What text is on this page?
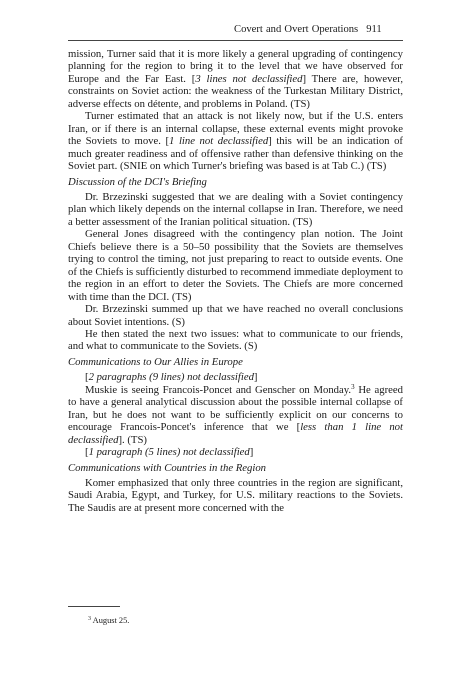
Covert and Overt Operations 911

mission, Turner said that it is more likely a general upgrading of contingency planning for the region to bring it to the level that we have observed for Europe and the Far East. [3 lines not declassified] There are, however, constraints on Soviet action: the weakness of the Turkestan Military District, adverse effects on détente, and problems in Poland. (TS)

Turner estimated that an attack is not likely now, but if the U.S. enters Iran, or if there is an internal collapse, these external events might provoke the Soviets to move. [1 line not declassified] this will be an indication of much greater readiness and of offensive rather than defensive thinking on the Soviet part. (SNIE on which Turner's briefing was based is at Tab C.) (TS)

Discussion of the DCI's Briefing

Dr. Brzezinski suggested that we are dealing with a Soviet contingency plan which likely depends on the internal collapse in Iran. Therefore, we need a better assessment of the Iranian political situation. (TS)

General Jones disagreed with the contingency plan notion. The Joint Chiefs believe there is a 50–50 possibility that the Soviets are themselves trying to control the timing, not just preparing to react to outside events. One of the Chiefs is sufficiently disturbed to recommend immediate deployment to the region in an effort to deter the Soviets. The Chiefs are more concerned with time than the DCI. (TS)

Dr. Brzezinski summed up that we have reached no overall conclusions about Soviet intentions. (S)

He then stated the next two issues: what to communicate to our friends, and what to communicate to the Soviets. (S)

Communications to Our Allies in Europe

[2 paragraphs (9 lines) not declassified]

Muskie is seeing Francois-Poncet and Genscher on Monday.$^3$ He agreed to have a general analytical discussion about the possible internal collapse of Iran, but he does not want to be sufficiently explicit on our concerns to encourage Francois-Poncet's inference that we [less than 1 line not declassified]. (TS)

[1 paragraph (5 lines) not declassified]

Communications with Countries in the Region

Komer emphasized that only three countries in the region are significant, Saudi Arabia, Egypt, and Turkey, for U.S. military reactions to the Soviets. The Saudis are at present more concerned with the

$^3$ August 25.
